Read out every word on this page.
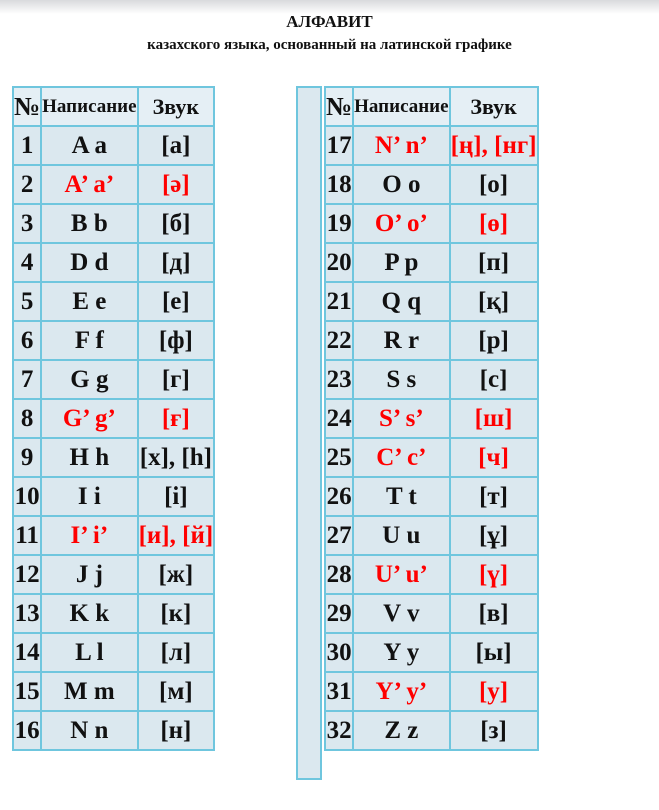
АЛФАВИТ
казахского языка, основанный на латинской графике
№	Написание	Звук
1	A a	[а]
2	A’ a’	[ә]
3	B b	[б]
4	D d	[д]
5	E e	[е]
6	F f	[ф]
7	G g	[г]
8	G’ g’	[ғ]
9	H h	[х], [h]
10	I i	[і]
11	I’ i’	[и], [й]
12	J j	[ж]
13	K k	[к]
14	L l	[л]
15	M m	[м]
16	N n	[н]
№	Написание	Звук
17	N’ n’	[ң], [нг]
18	O o	[о]
19	O’ o’	[ө]
20	P p	[п]
21	Q q	[қ]
22	R r	[р]
23	S s	[с]
24	S’ s’	[ш]
25	C’ c’	[ч]
26	T t	[т]
27	U u	[ұ]
28	U’ u’	[ү]
29	V v	[в]
30	Y y	[ы]
31	Y’ y’	[у]
32	Z z	[з]
